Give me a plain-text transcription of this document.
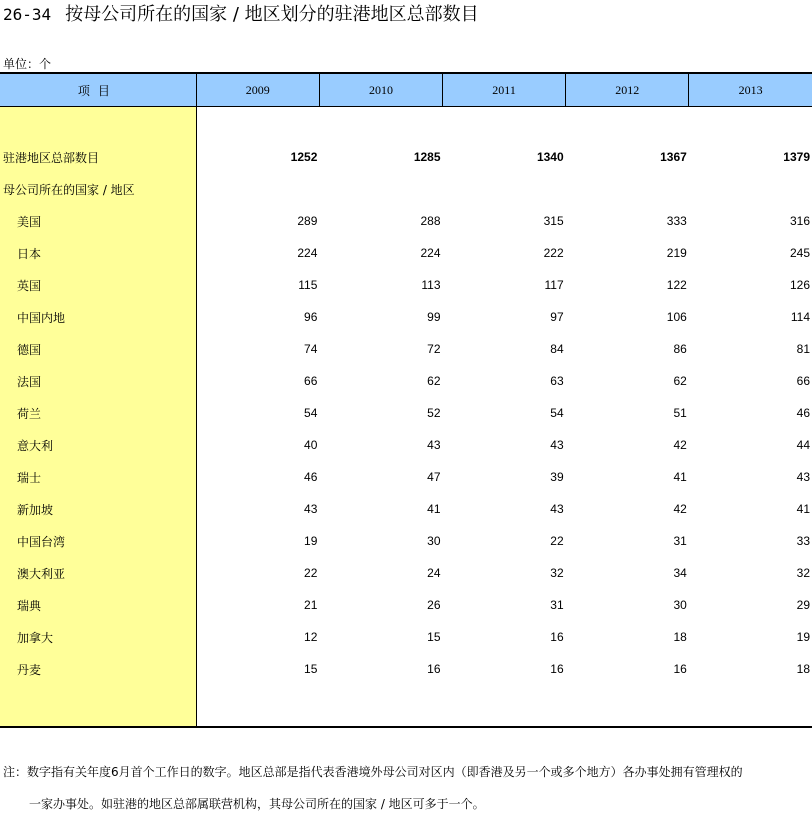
26-34 按母公司所在的国家 / 地区划分的驻港地区总部数目
单位：个
项目	2009	2010	2011	2012	2013

驻港地区总部数目	1252	1285	1340	1367	1379
母公司所在的国家 / 地区					
美国	289	288	315	333	316
日本	224	224	222	219	245
英国	115	113	117	122	126
中国内地	96	99	97	106	114
德国	74	72	84	86	81
法国	66	62	63	62	66
荷兰	54	52	54	51	46
意大利	40	43	43	42	44
瑞士	46	47	39	41	43
新加坡	43	41	43	42	41
中国台湾	19	30	22	31	33
澳大利亚	22	24	32	34	32
瑞典	21	26	31	30	29
加拿大	12	15	16	18	19
丹麦	15	16	16	16	18

注：数字指有关年度6月首个工作日的数字。地区总部是指代表香港境外母公司对区内（即香港及另一个或多个地方）各办事处拥有管理权的
一家办事处。如驻港的地区总部属联营机构，其母公司所在的国家 / 地区可多于一个。
